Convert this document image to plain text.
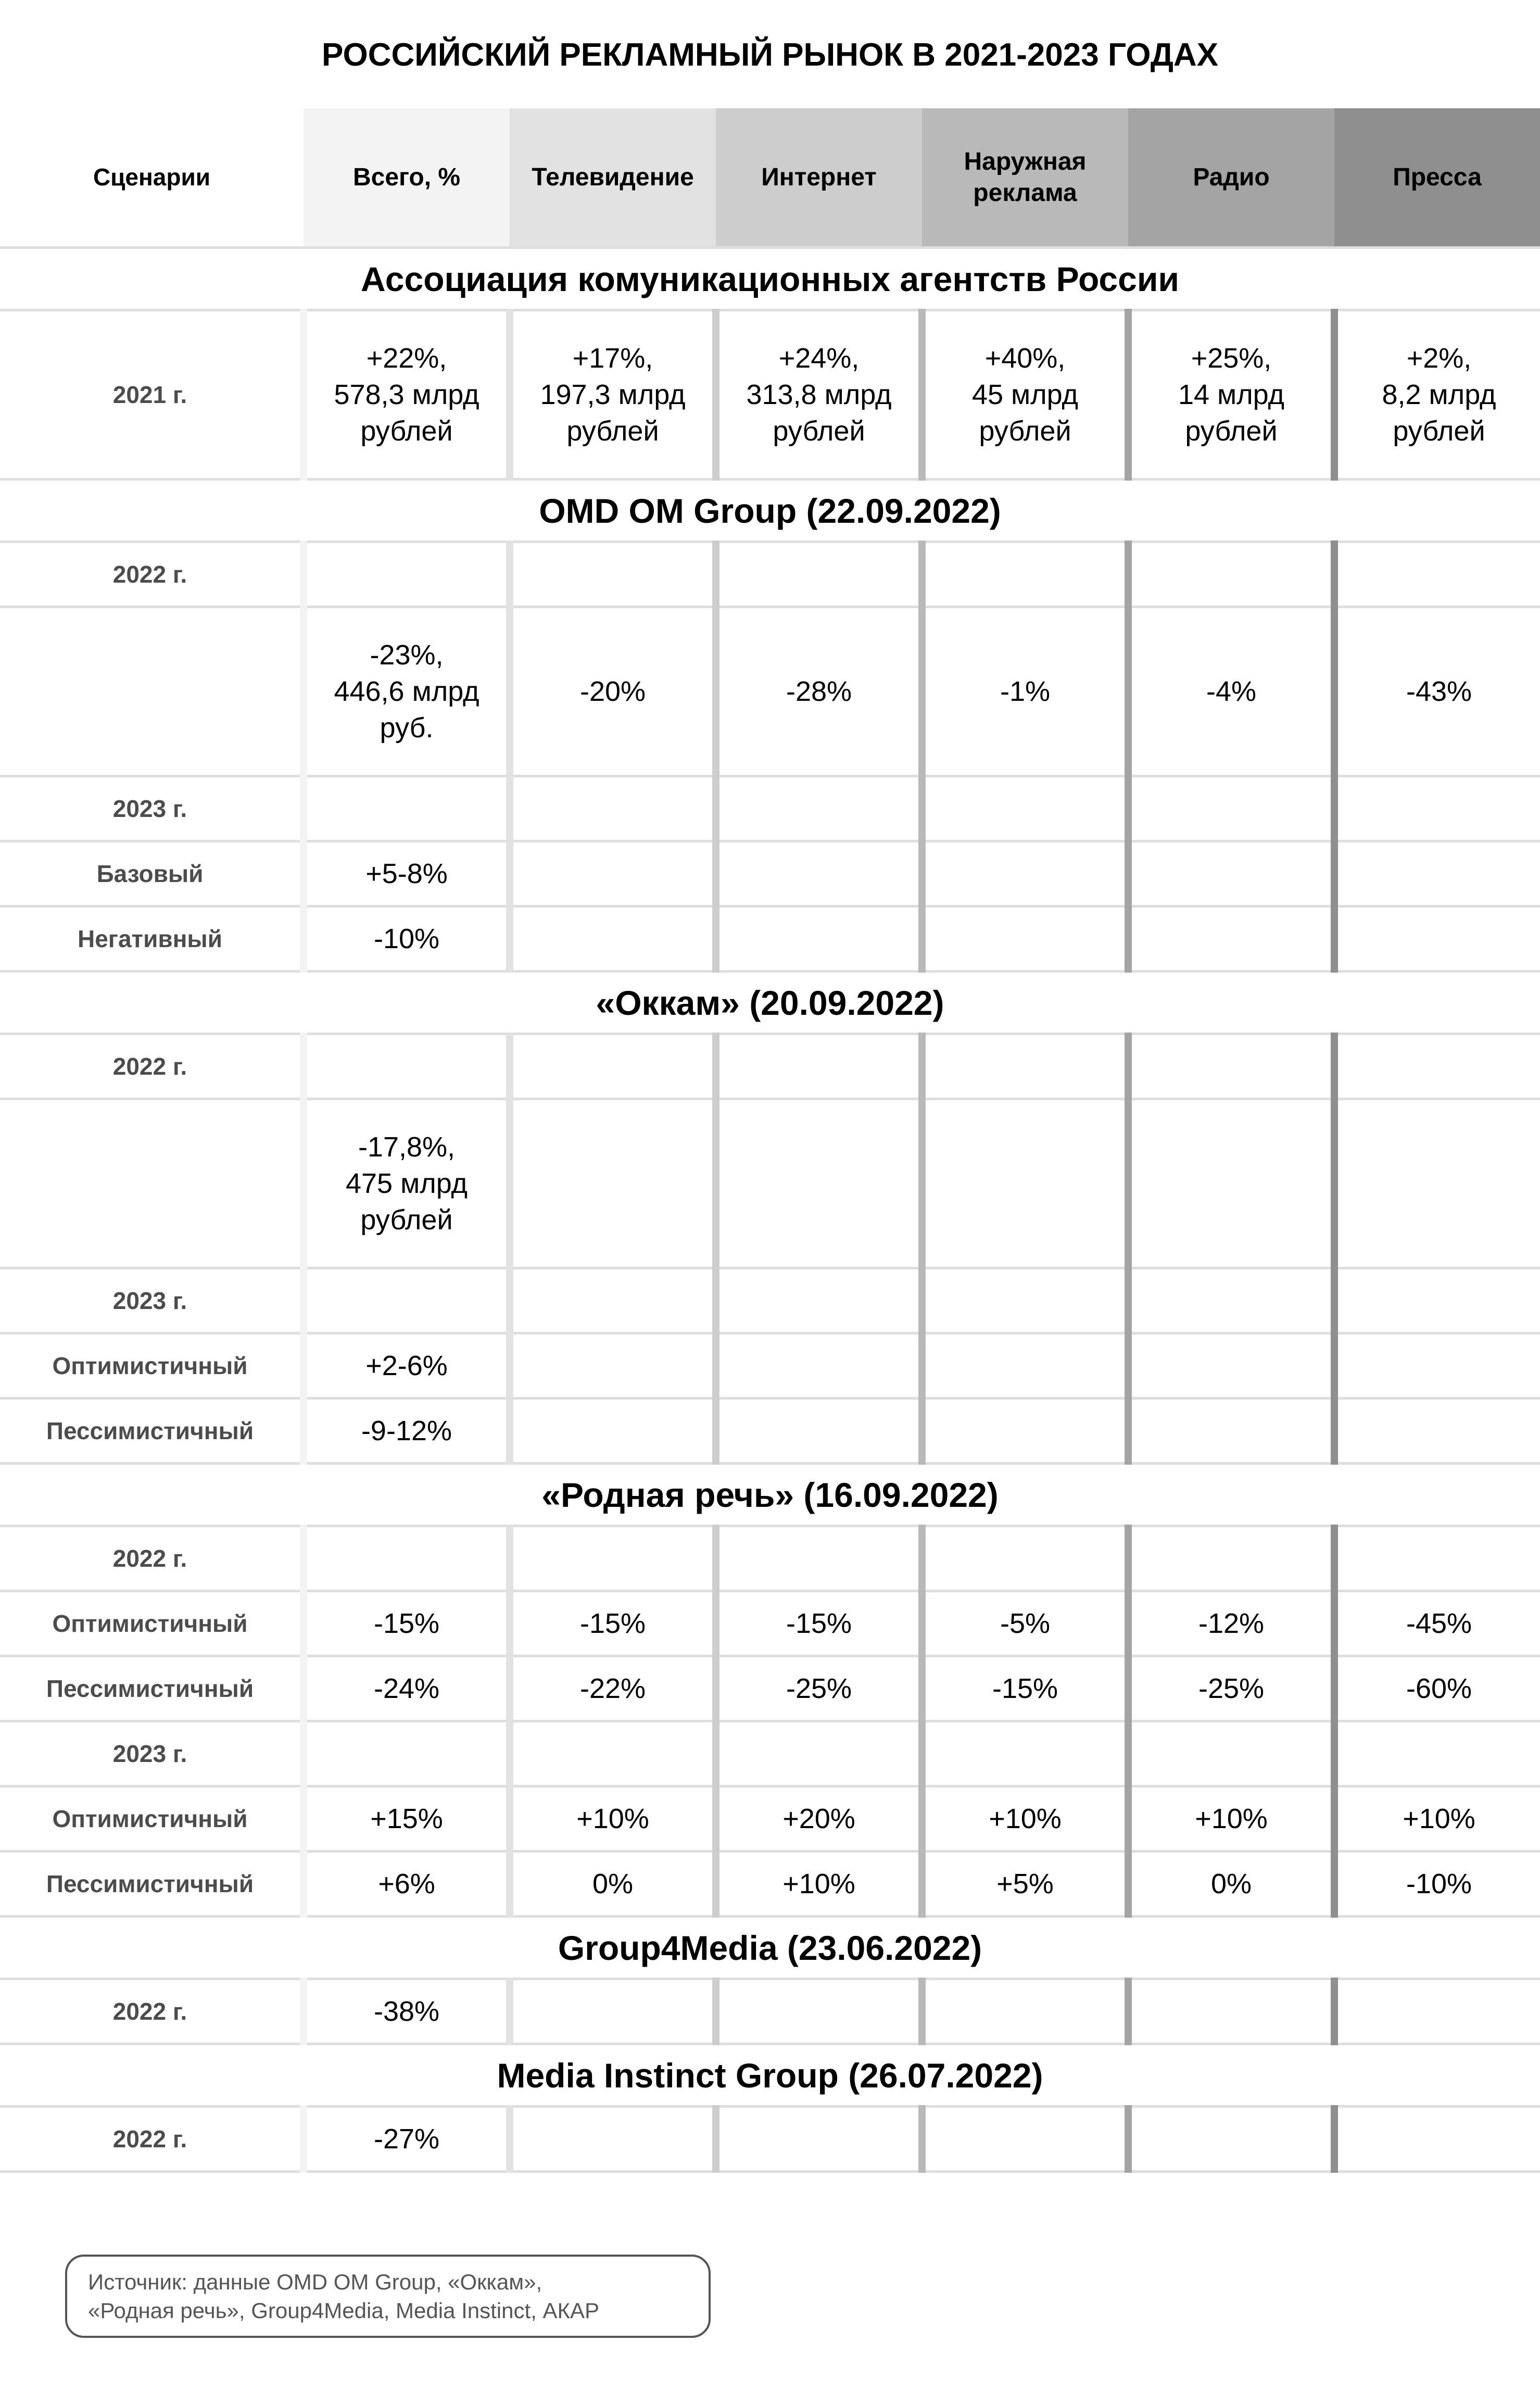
РОССИЙСКИЙ РЕКЛАМНЫЙ РЫНОК В 2021-2023 ГОДАХ
Сценарии	Всего, %	Телевидение	Интернет	Наружная реклама	Радио	Пресса
Ассоциация комуникационных агентств России						
2021 г.	+22%,
578,3 млрд
рублей	+17%,
197,3 млрд
рублей	+24%,
313,8 млрд
рублей	+40%,
45 млрд
рублей	+25%,
14 млрд
рублей	+2%,
8,2 млрд
рублей
OMD OM Group (22.09.2022)						
2022 г.						
	-23%,
446,6 млрд
руб.	-20%	-28%	-1%	-4%	-43%
2023 г.						
Базовый	+5-8%					
Негативный	-10%					
«Оккам» (20.09.2022)						
2022 г.						
	-17,8%,
475 млрд
рублей					
2023 г.						
Оптимистичный	+2-6%					
Пессимистичный	-9-12%					
«Родная речь» (16.09.2022)						
2022 г.						
Оптимистичный	-15%	-15%	-15%	-5%	-12%	-45%
Пессимистичный	-24%	-22%	-25%	-15%	-25%	-60%
2023 г.						
Оптимистичный	+15%	+10%	+20%	+10%	+10%	+10%
Пессимистичный	+6%	0%	+10%	+5%	0%	-10%
Group4Media (23.06.2022)						
2022 г.	-38%					
Media Instinct Group (26.07.2022)						
2022 г.	-27%					
Источник: данные OMD OM Group, «Оккам»,
«Родная речь», Group4Media, Media Instinct, АКАР
